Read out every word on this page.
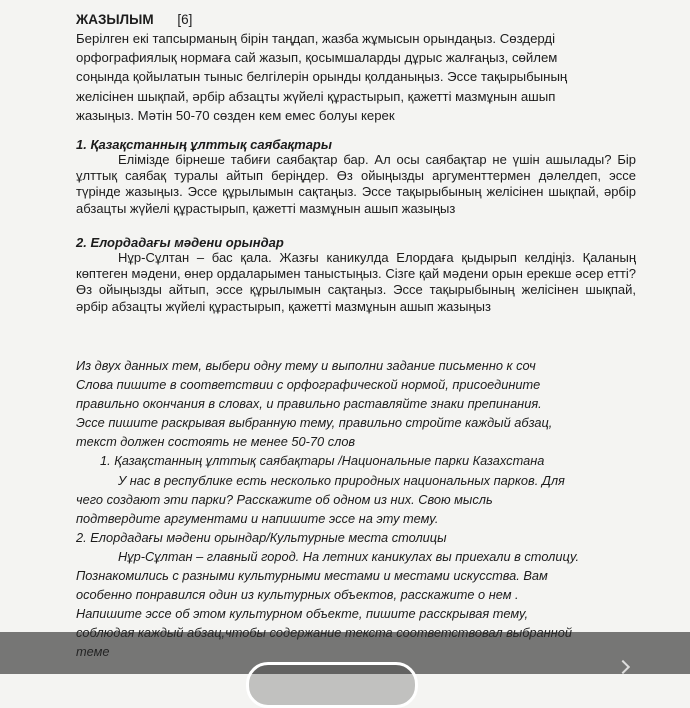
ЖАЗЫЛЫМ [6]
Берілген екі тапсырманың бірін таңдап, жазба жұмысын орындаңыз. Сөздерді
орфографиялық нормаға сай жазып, қосымшаларды дұрыс жалғаңыз, сөйлем
соңында қойылатын тыныс белгілерін орынды қолданыңыз. Эссе тақырыбының
желісінен шықпай, әрбір абзацты жүйелі құрастырып, қажетті мазмұнын ашып
жазыңыз. Мәтін 50-70 сөзден кем емес болуы керек
1. Қазақстанның ұлттық саябақтары

Елімізде бірнеше табиғи саябақтар бар. Ал осы саябақтар не үшін ашылады? Бір ұлттық саябақ туралы айтып беріңдер. Өз ойыңызды аргументтермен дәлелдеп, эссе түрінде жазыңыз. Эссе құрылымын сақтаңыз. Эссе тақырыбының желісінен шықпай, әрбір абзацты жүйелі құрастырып, қажетті мазмұнын ашып жазыңыз

2. Елордадағы мәдени орындар

Нұр-Сұлтан – бас қала. Жазғы каникулда Елордаға қыдырып келдіңіз. Қаланың көптеген мәдени, өнер ордаларымен таныстыңыз. Сізге қай мәдени орын ерекше әсер етті? Өз ойыңызды айтып, эссе құрылымын сақтаңыз. Эссе тақырыбының желісінен шықпай, әрбір абзацты жүйелі құрастырып, қажетті мазмұнын ашып жазыңыз

Из двух данных тем, выбери одну тему и выполни задание письменно к соч
Слова пишите в соответствии с орфографической нормой, присоедините
правильно окончания в словах, и правильно раставляйте знаки препинания.
Эссе пишите раскрывая выбранную тему, правильно стройте каждый абзац,
текст должен состоять не менее 50-70 слов
1. Қазақстанның ұлттық саябақтары /Национальные парки Казахстана
У нас в республике есть несколько природных национальных парков. Для
чего создают эти парки? Расскажите об одном из них. Свою мысль
подтвердите аргументами и напишите эссе на эту тему.
2. Елордадағы мәдени орындар/Культурные места столицы
Нұр-Сұлтан – главный город. На летних каникулах вы приехали в столицу.
Познакомились с разными культурными местами и местами искусства. Вам
особенно понравился один из культурных объектов, расскажите о нем .
Напишите эссе об этом культурном объекте, пишите расскрывая тему,
